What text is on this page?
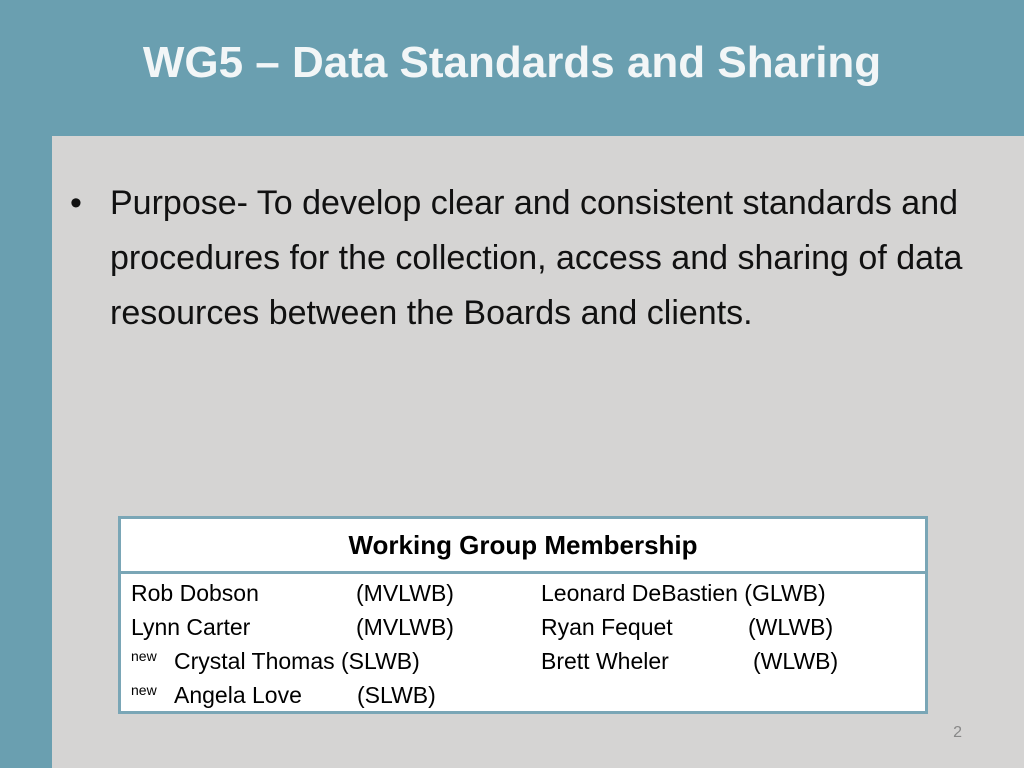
WG5 – Data Standards and Sharing
• Purpose- To develop clear and consistent standards and procedures for the collection, access and sharing of data resources between the Boards and clients.
Working Group Membership
Rob Dobson	(MVLWB)	Leonard DeBastien (GLWB)
Lynn Carter	(MVLWB)	Ryan Fequet	(WLWB)
new Crystal Thomas (SLWB)	Brett Wheler	(WLWB)
new Angela Love (SLWB)
2
